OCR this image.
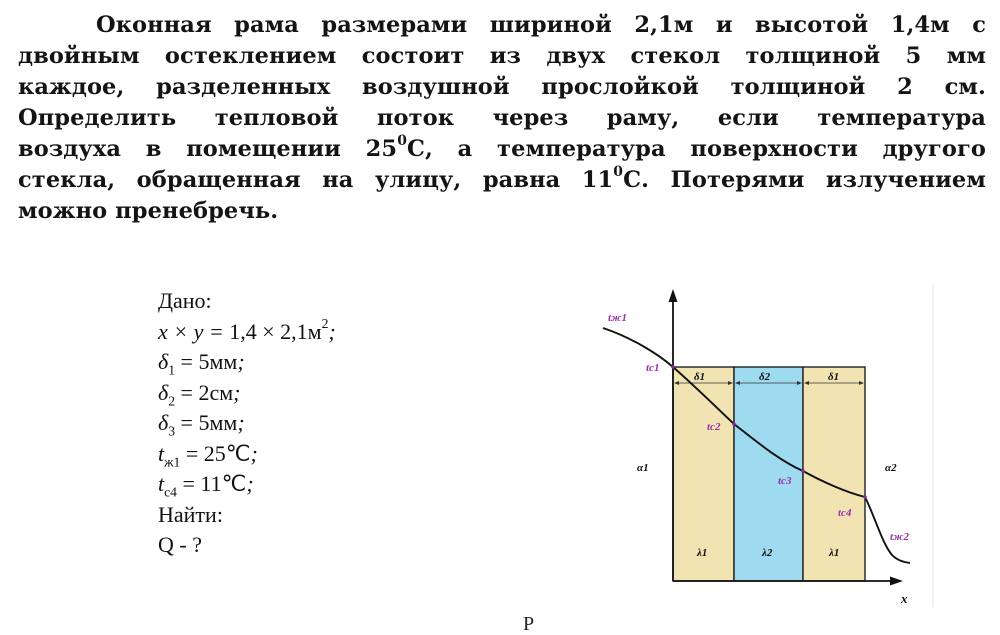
Оконная рама размерами шириной 2,1м и высотой 1,4м с
двойным остеклением состоит из двух стекол толщиной 5 мм
каждое, разделенных воздушной прослойкой толщиной 2 см.
Определить тепловой поток через раму, если температура
воздуха в помещении $25^0С$, а температура поверхности другого
стекла, обращенная на улицу, равна $11^0С$. Потерями излучением
можно пренебречь.
Дано:
$x \times y = 1,4 \times 2,1м^2$;
$\delta_1 = 5мм$;
$\delta_2 = 2см$;
$\delta_3 = 5мм$;
$t_{ж1}$ = 25℃;
$t_{с4}$ = 11℃;
Найти:
Q - ?
tж1
tc1
tc2
tc3
tc4
tж2
α1	α2
δ1	δ2	δ1
λ1	λ2	λ1
x
Р
